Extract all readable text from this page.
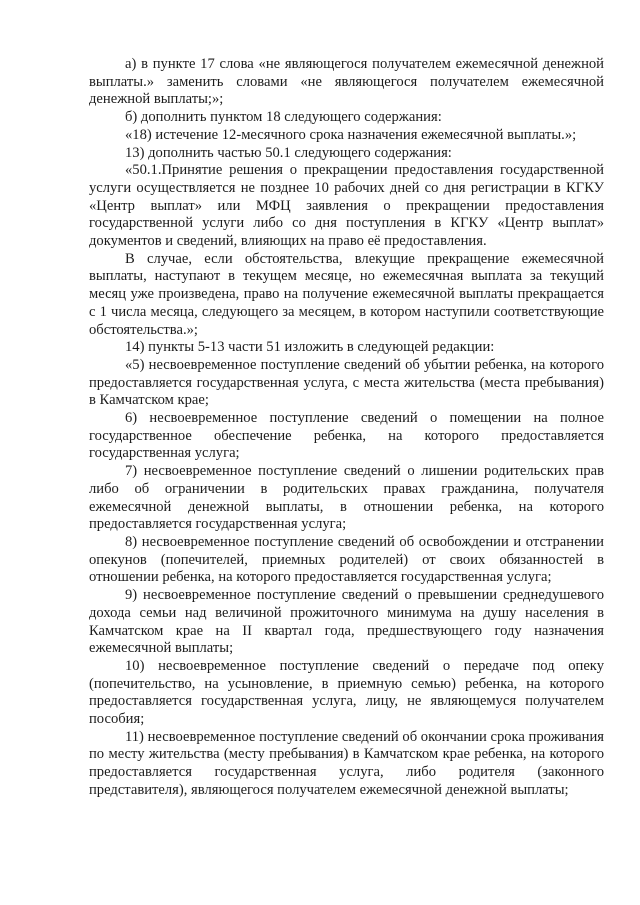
а) в пункте 17 слова «не являющегося получателем ежемесячной денежной выплаты.» заменить словами «не являющегося получателем ежемесячной денежной выплаты;»;

б) дополнить пунктом 18 следующего содержания:

«18) истечение 12-месячного срока назначения ежемесячной выплаты.»;

13) дополнить частью 50.1 следующего содержания:

«50.1.Принятие решения о прекращении предоставления государственной услуги осуществляется не позднее 10 рабочих дней со дня регистрации в КГКУ «Центр выплат» или МФЦ заявления о прекращении предоставления государственной услуги либо со дня поступления в КГКУ «Центр выплат» документов и сведений, влияющих на право её предоставления.

В случае, если обстоятельства, влекущие прекращение ежемесячной выплаты, наступают в текущем месяце, но ежемесячная выплата за текущий месяц уже произведена, право на получение ежемесячной выплаты прекращается с 1 числа месяца, следующего за месяцем, в котором наступили соответствующие обстоятельства.»;

14) пункты 5-13 части 51 изложить в следующей редакции:

«5) несвоевременное поступление сведений об убытии ребенка, на которого предоставляется государственная услуга, с места жительства (места пребывания) в Камчатском крае;

6) несвоевременное поступление сведений о помещении на полное государственное обеспечение ребенка, на которого предоставляется государственная услуга;

7) несвоевременное поступление сведений о лишении родительских прав либо об ограничении в родительских правах гражданина, получателя ежемесячной денежной выплаты, в отношении ребенка, на которого предоставляется государственная услуга;

8) несвоевременное поступление сведений об освобождении и отстранении опекунов (попечителей, приемных родителей) от своих обязанностей в отношении ребенка, на которого предоставляется государственная услуга;

9) несвоевременное поступление сведений о превышении среднедушевого дохода семьи над величиной прожиточного минимума на душу населения в Камчатском крае на II квартал года, предшествующего году назначения ежемесячной выплаты;

10) несвоевременное поступление сведений о передаче под опеку (попечительство, на усыновление, в приемную семью) ребенка, на которого предоставляется государственная услуга, лицу, не являющемуся получателем пособия;

11) несвоевременное поступление сведений об окончании срока проживания по месту жительства (месту пребывания) в Камчатском крае ребенка, на которого предоставляется государственная услуга, либо родителя (законного представителя), являющегося получателем ежемесячной денежной выплаты;
